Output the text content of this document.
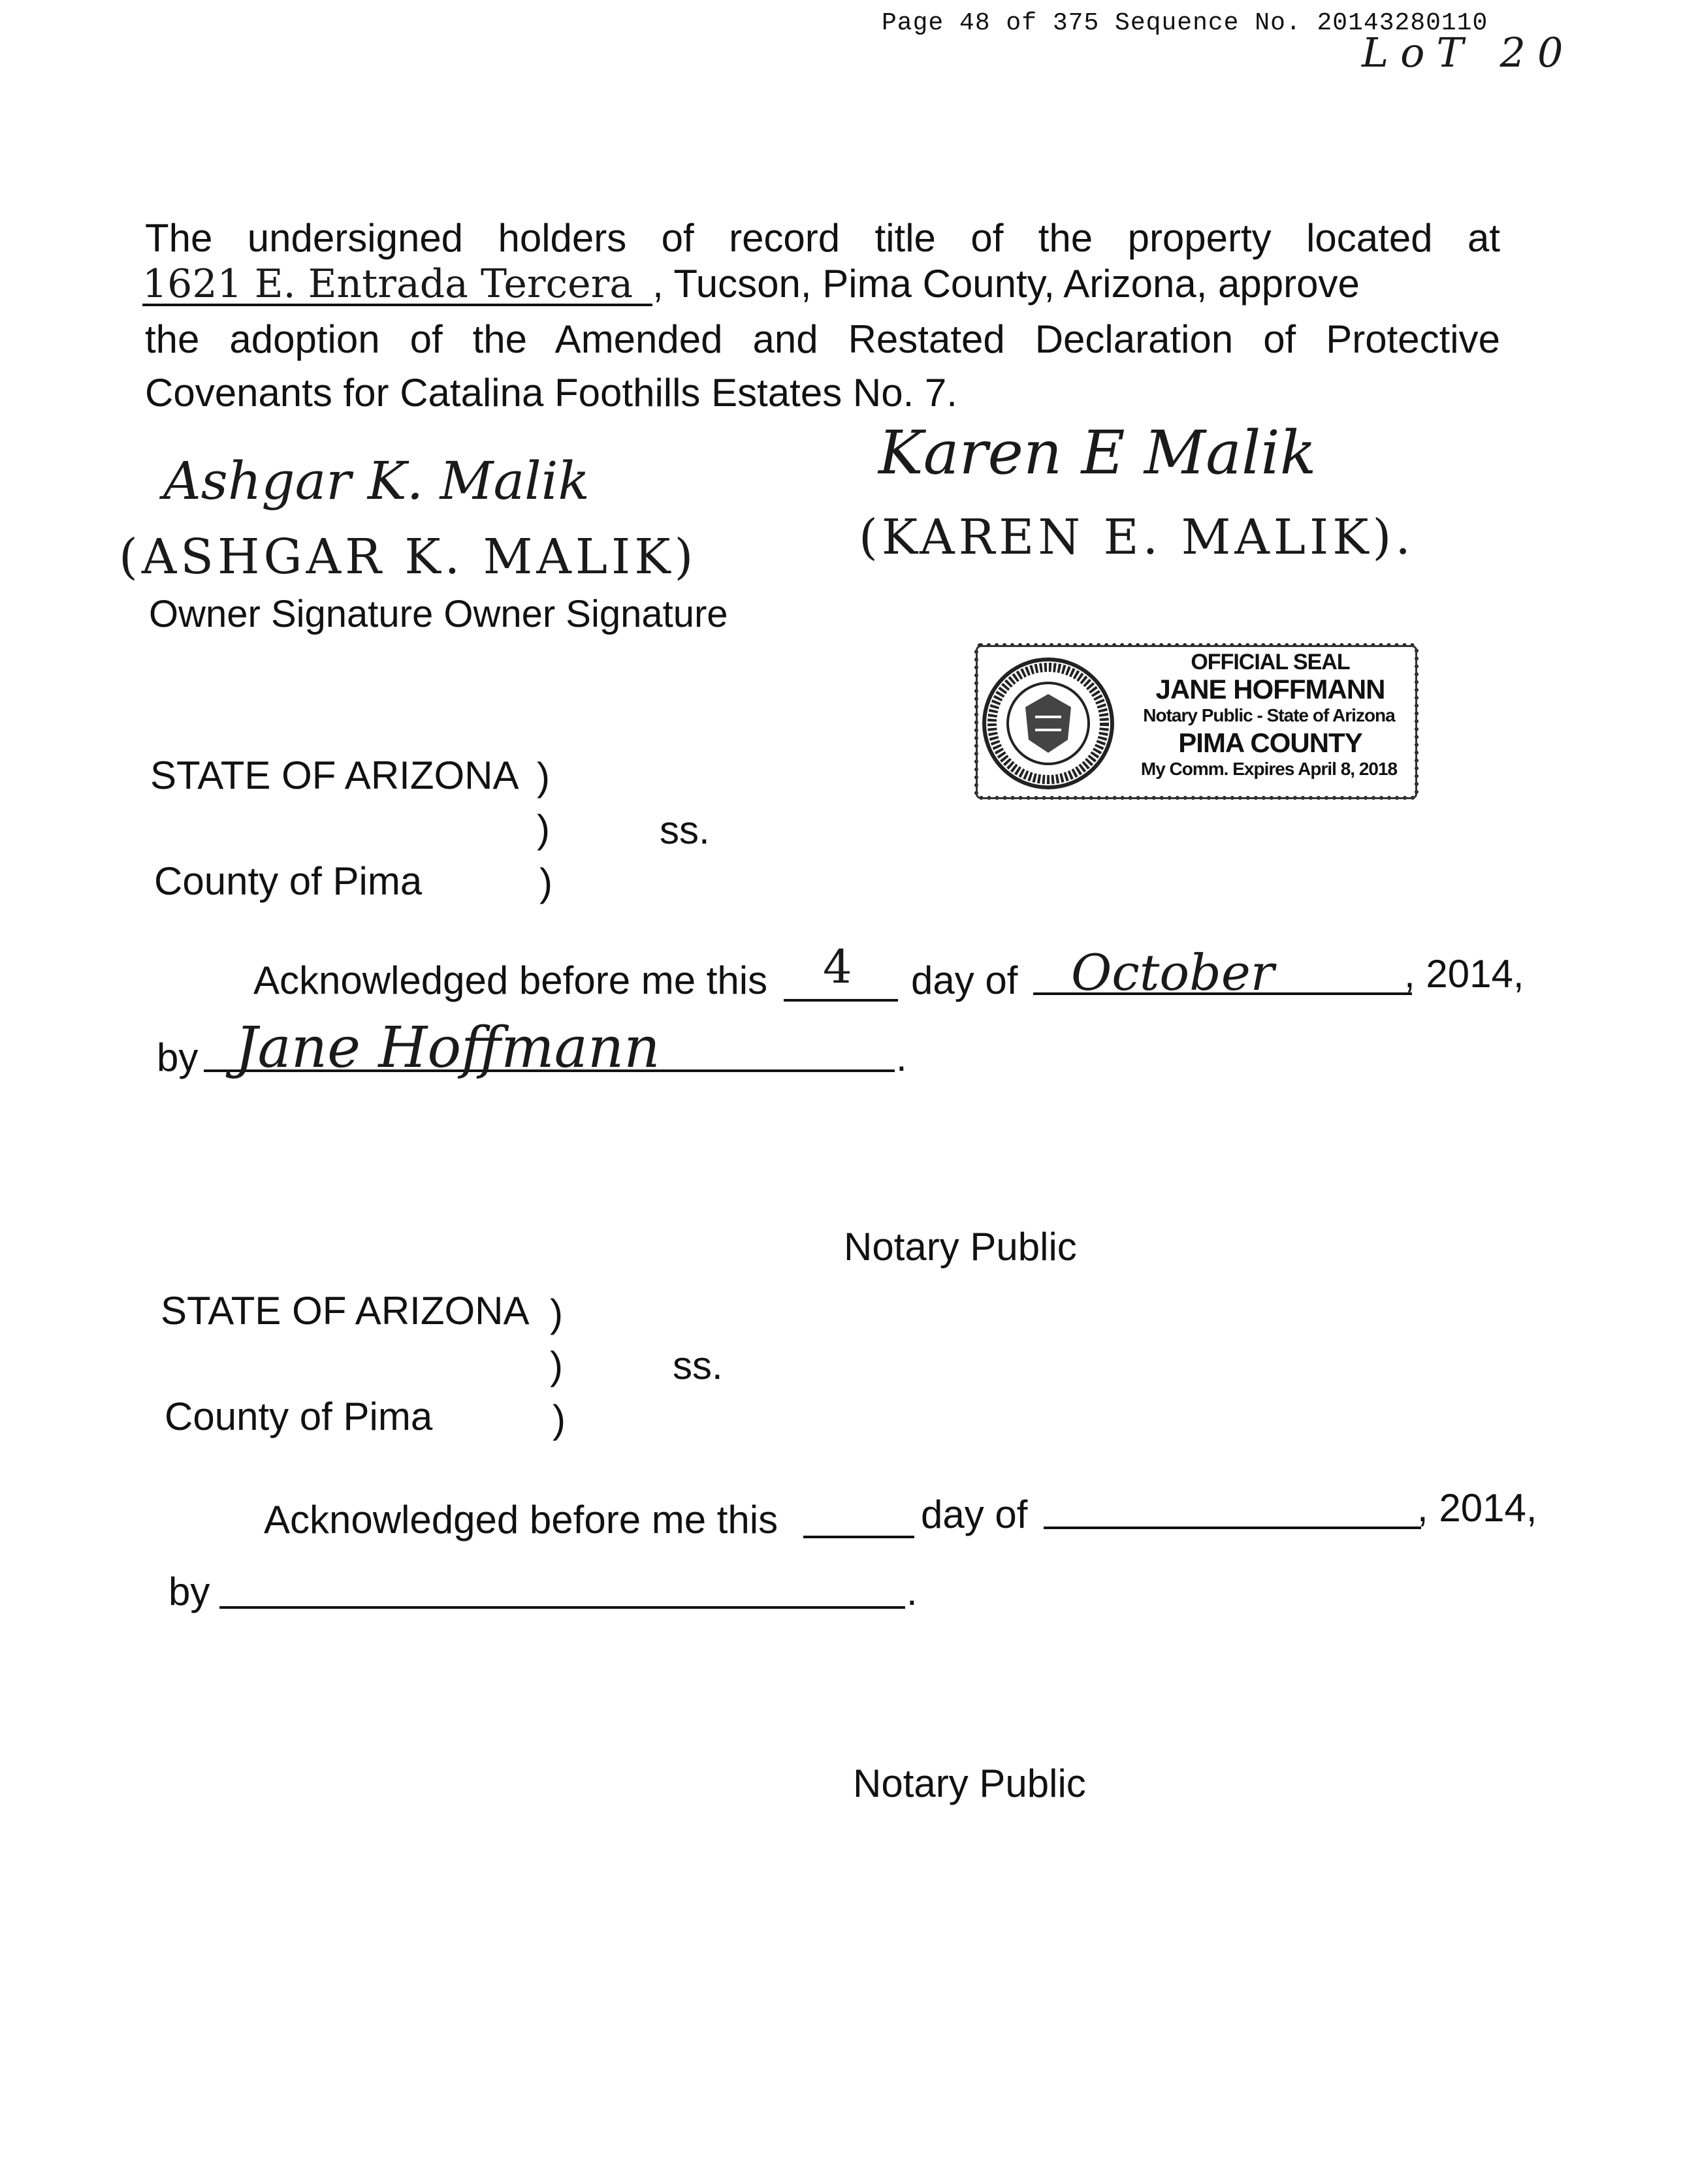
Page 48 of 375 Sequence No. 20143280110
LoT 20
The undersigned holders of record title of the property located at
1621 E. Entrada Tercera , Tucson, Pima County, Arizona, approve
the adoption of the Amended and Restated Declaration of Protective
Covenants for Catalina Foothills Estates No. 7.
Ashgar K. Malik	Karen E Malik
(ASHGAR K. MALIK)	(KAREN E. MALIK).
Owner Signature Owner Signature
OFFICIAL SEAL
JANE HOFFMANN
Notary Public - State of Arizona
PIMA COUNTY
My Comm. Expires April 8, 2018
STATE OF ARIZONA )
)	ss.
County of Pima	)
Acknowledged before me this 4 day of October	, 2014,
by Jane Hoffmann	.
Notary Public
STATE OF ARIZONA )
)	ss.
County of Pima	)
Acknowledged before me this	day of	, 2014,
by	.
Notary Public
